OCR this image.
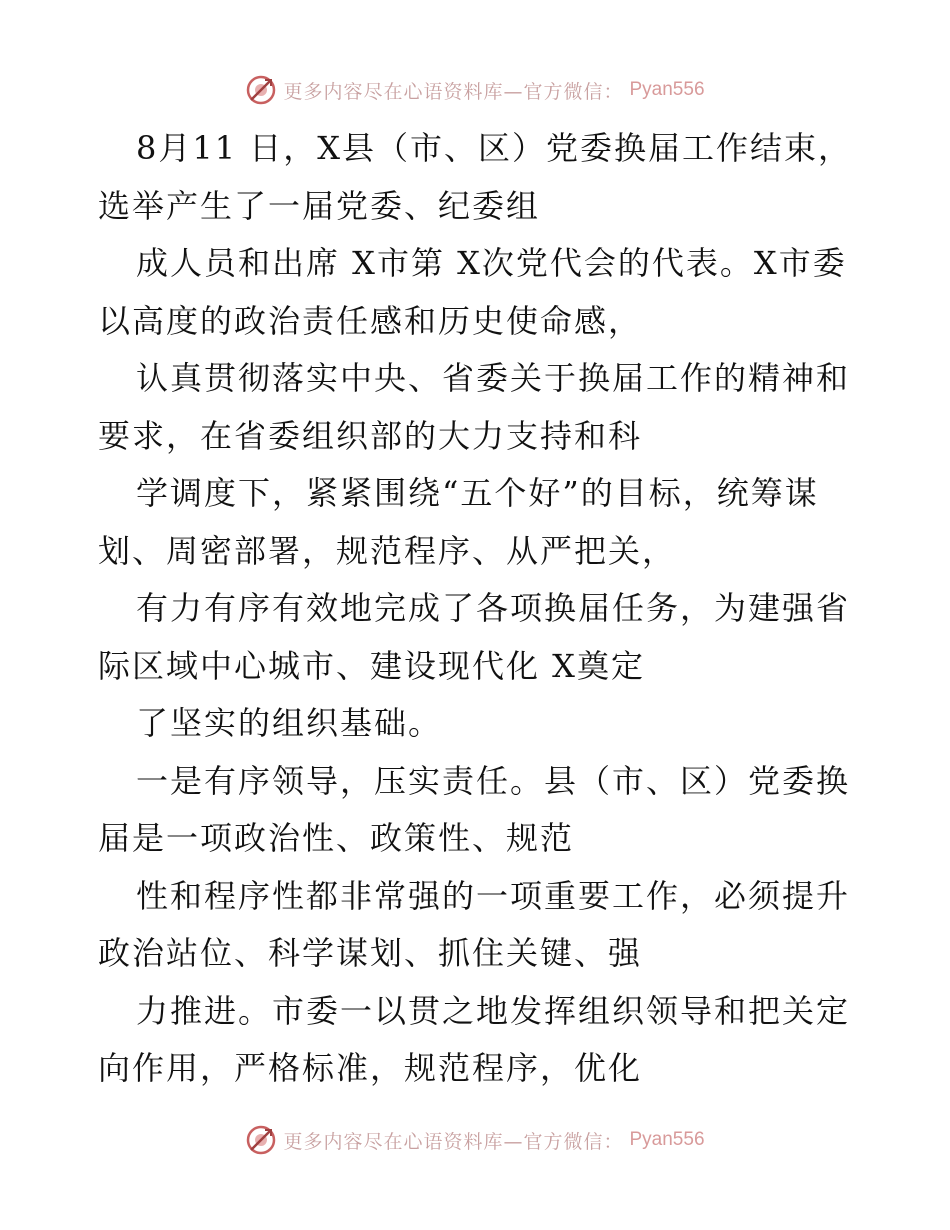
更多内容尽在心语资料库—官方微信： Pyan556
8月11 日，X县（市、区）党委换届工作结束，
选举产生了一届党委、纪委组
成人员和出席 X市第 X次党代会的代表。X市委
以高度的政治责任感和历史使命感，
认真贯彻落实中央、省委关于换届工作的精神和
要求，在省委组织部的大力支持和科
学调度下，紧紧围绕“五个好”的目标，统筹谋
划、周密部署，规范程序、从严把关，
有力有序有效地完成了各项换届任务，为建强省
际区域中心城市、建设现代化 X奠定
了坚实的组织基础。
一是有序领导，压实责任。县（市、区）党委换
届是一项政治性、政策性、规范
性和程序性都非常强的一项重要工作，必须提升
政治站位、科学谋划、抓住关键、强
力推进。市委一以贯之地发挥组织领导和把关定
向作用，严格标准，规范程序，优化
更多内容尽在心语资料库—官方微信： Pyan556
